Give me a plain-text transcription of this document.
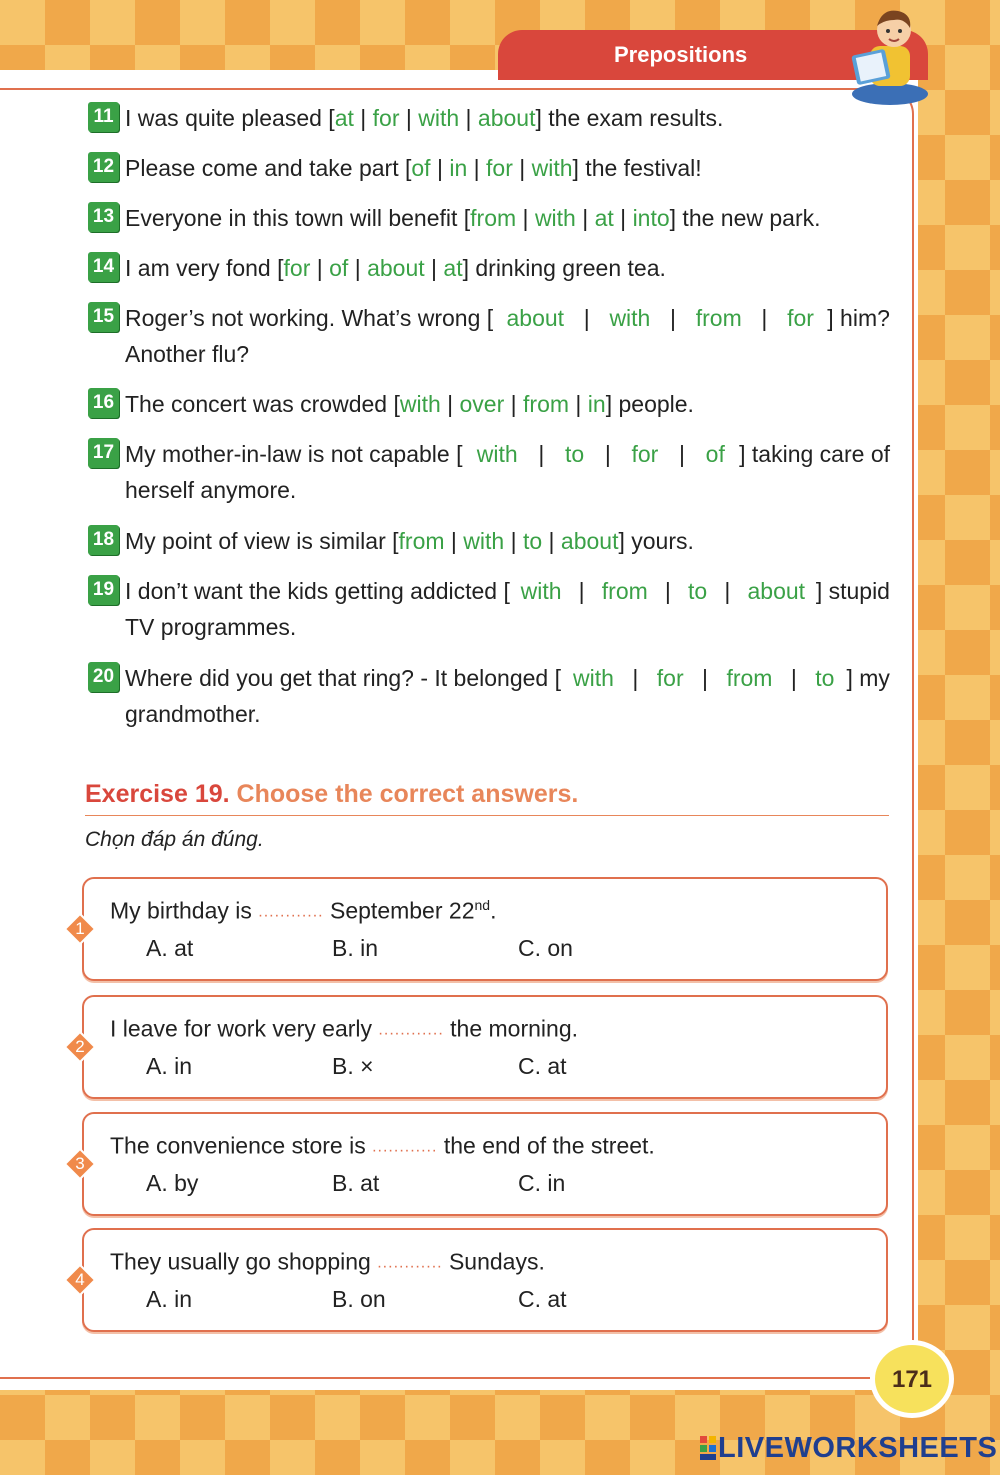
Prepositions
11 I was quite pleased [ at | for | with | about ] the exam results.
12 Please come and take part [ of | in | for | with ] the festival!
13 Everyone in this town will benefit [ from | with | at | into ] the new park.
14 I am very fond [ for | of | about | at ] drinking green tea.
15 Roger’s not working. What’s wrong [ about | with | from | for ] him?
Another flu?
16 The concert was crowded [ with | over | from | in ] people.
17 My mother-in-law is not capable [ with | to | for | of ] taking care of
herself anymore.
18 My point of view is similar [ from | with | to | about ] yours.
19 I don’t want the kids getting addicted [ with | from | to | about ] stupid
TV programmes.
20 Where did you get that ring? - It belonged [ with | for | from | to ] my
grandmother.
Exercise 19. Choose the correct answers.
Chọn đáp án đúng.
1
My birthday is ............ September 22nd.
A. at	B. in	C. on
2
I leave for work very early ............ the morning.
A. in	B. ×	C. at
3
The convenience store is ............ the end of the street.
A. by	B. at	C. in
4
They usually go shopping ............ Sundays.
A. in	B. on	C. at
171
LIVEWORKSHEETS
